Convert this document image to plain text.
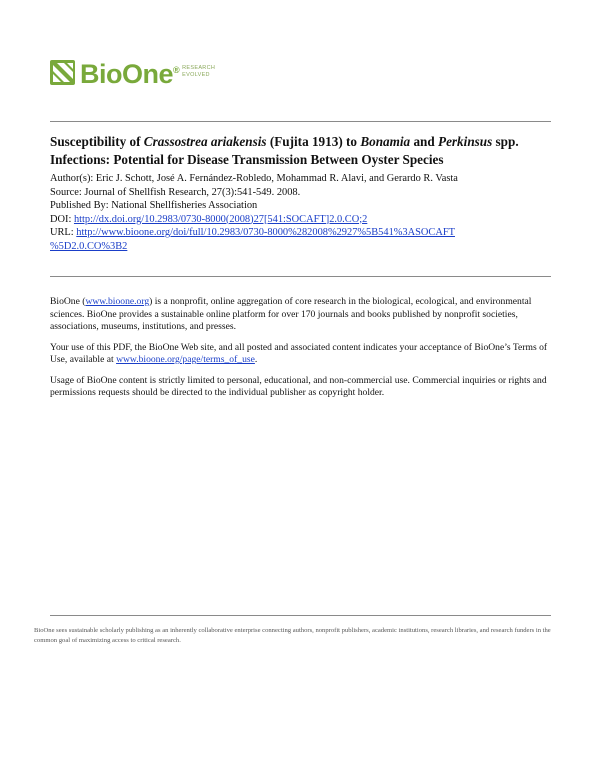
BioOne® RESEARCH
EVOLVED
Susceptibility of Crassostrea ariakensis (Fujita 1913) to Bonamia and Perkinsus spp. Infections: Potential for Disease Transmission Between Oyster Species
Author(s): Eric J. Schott, José A. Fernández-Robledo, Mohammad R. Alavi, and Gerardo R. Vasta
Source: Journal of Shellfish Research, 27(3):541-549. 2008.
Published By: National Shellfisheries Association
DOI: http://dx.doi.org/10.2983/0730-8000(2008)27[541:SOCAFT]2.0.CO;2
URL: http://www.bioone.org/doi/full/10.2983/0730-8000%282008%2927%5B541%3ASOCAFT
%5D2.0.CO%3B2

BioOne (www.bioone.org) is a nonprofit, online aggregation of core research in the biological, ecological, and environmental sciences. BioOne provides a sustainable online platform for over 170 journals and books published by nonprofit societies, associations, museums, institutions, and presses.

Your use of this PDF, the BioOne Web site, and all posted and associated content indicates your acceptance of BioOne’s Terms of Use, available at www.bioone.org/page/terms_of_use.

Usage of BioOne content is strictly limited to personal, educational, and non-commercial use. Commercial inquiries or rights and permissions requests should be directed to the individual publisher as copyright holder.

BioOne sees sustainable scholarly publishing as an inherently collaborative enterprise connecting authors, nonprofit publishers, academic institutions, research libraries, and research funders in the common goal of maximizing access to critical research.
